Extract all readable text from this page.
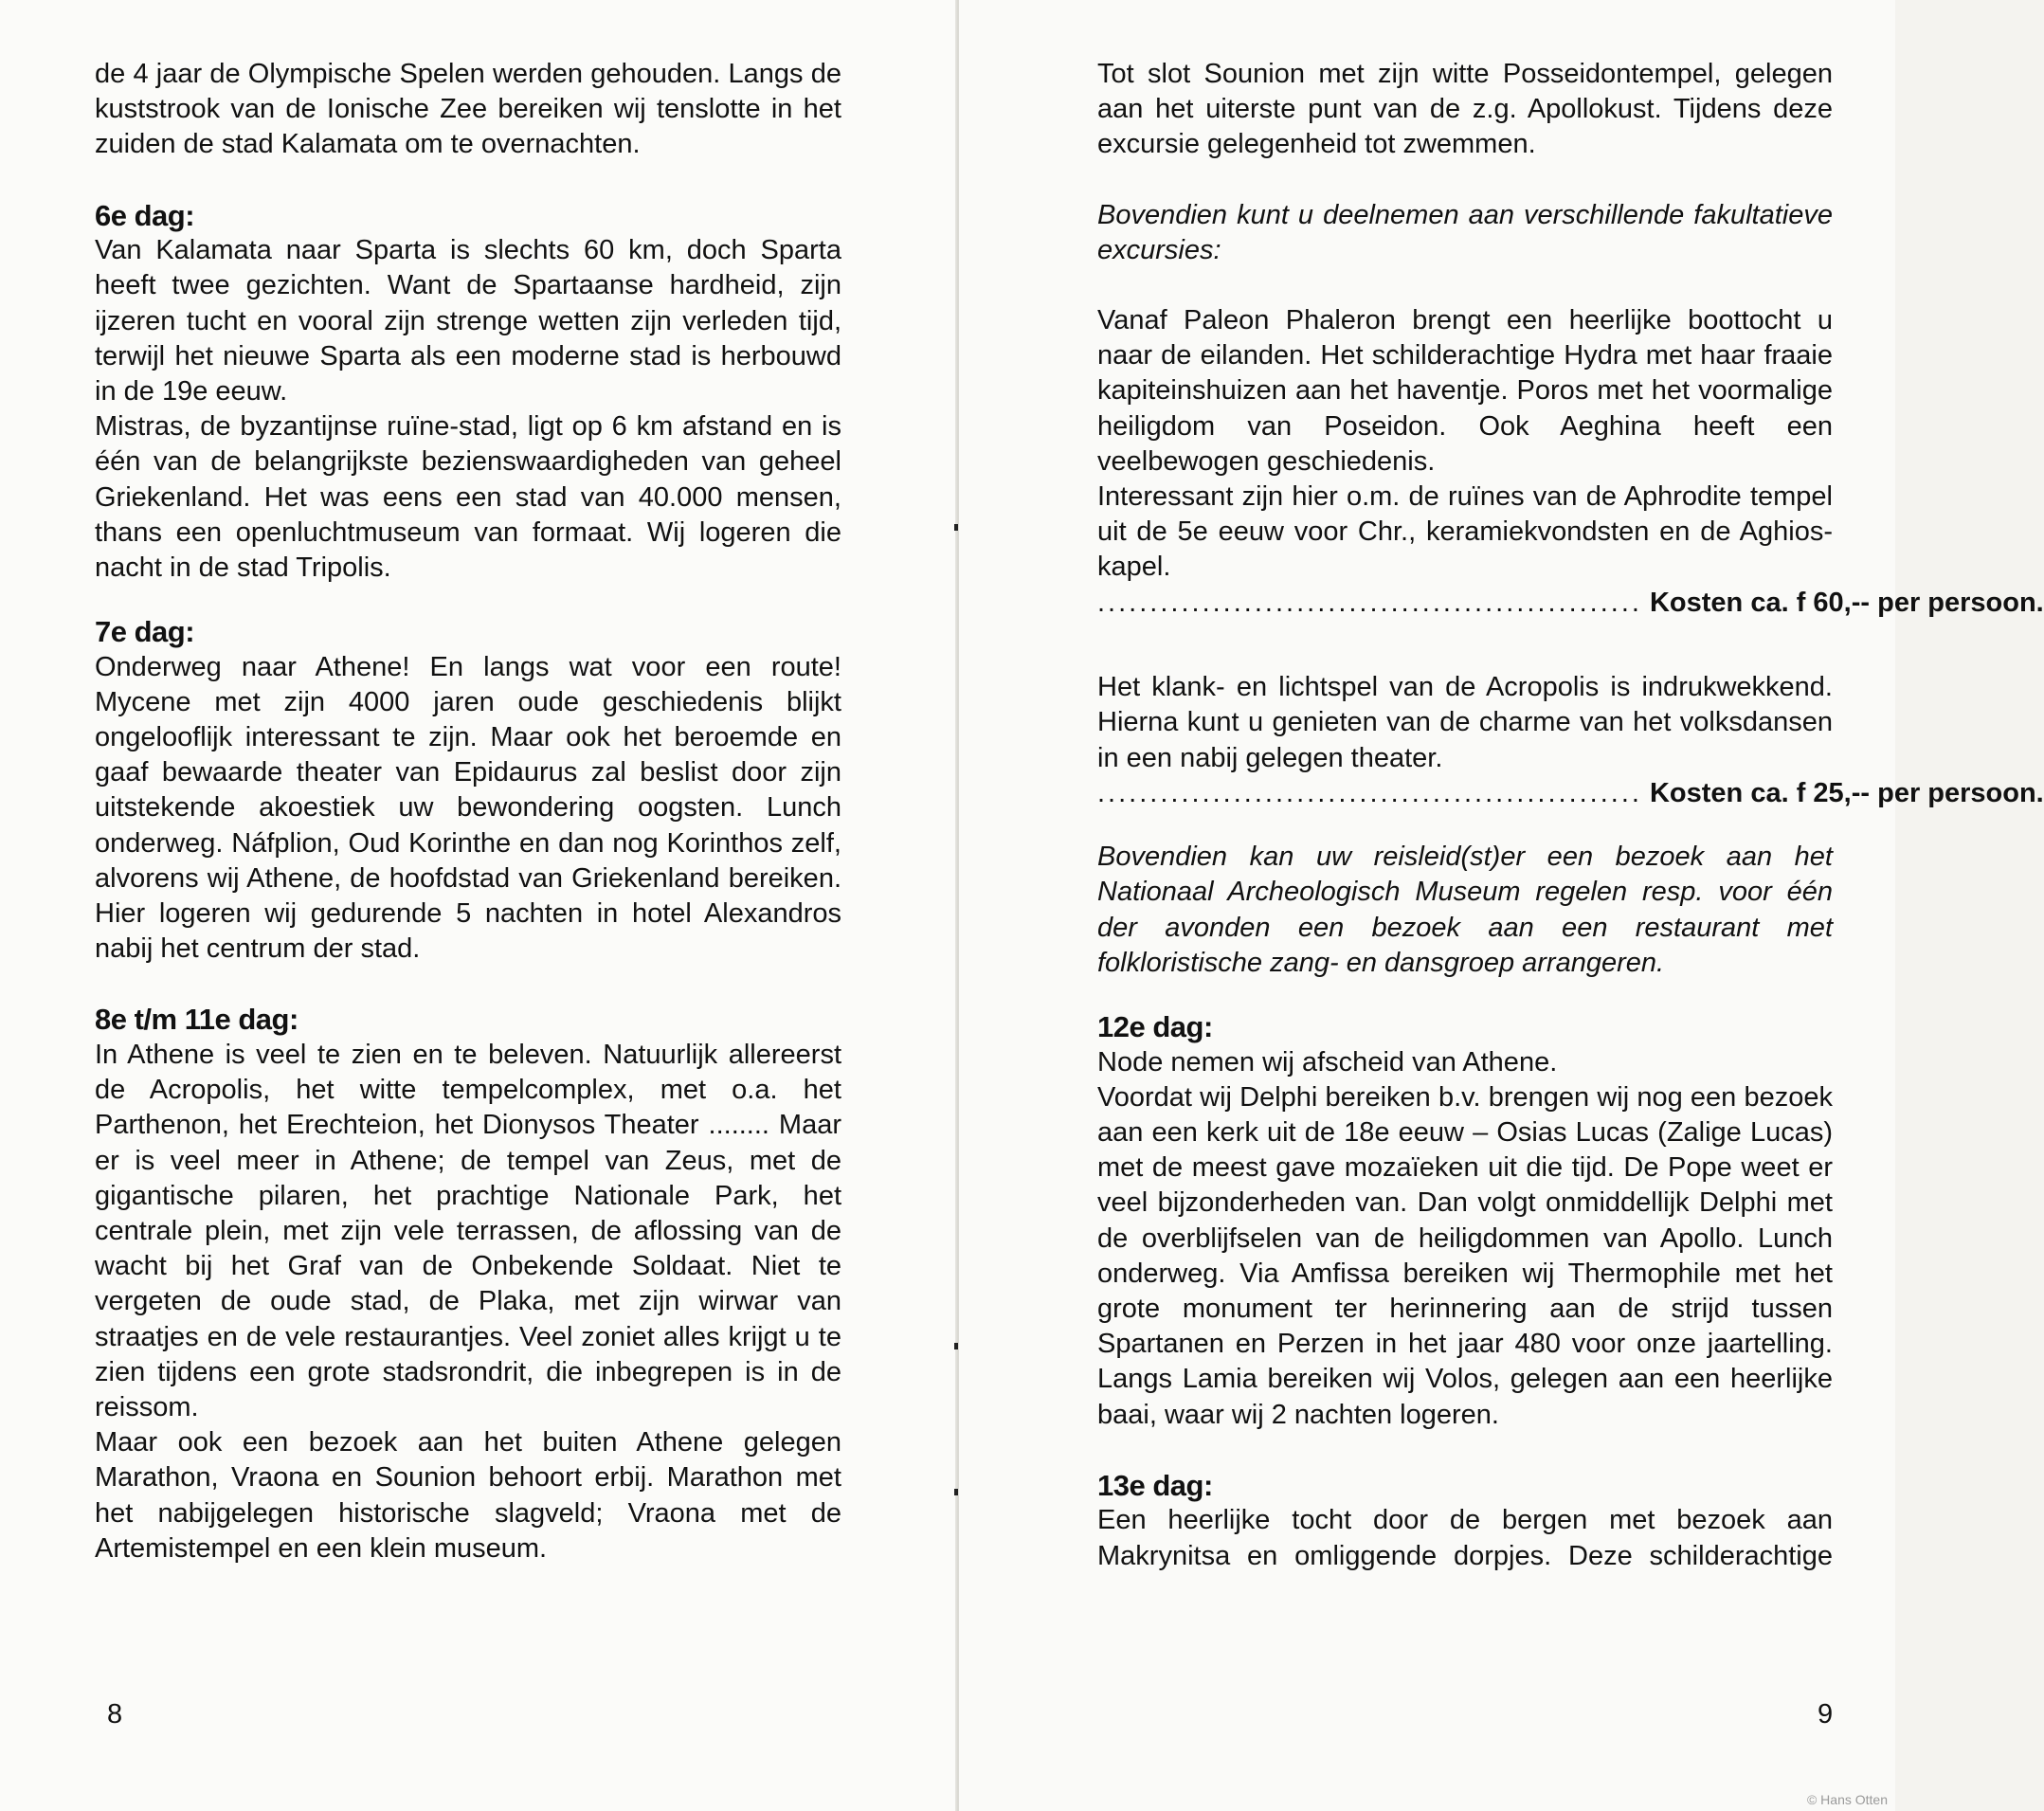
de 4 jaar de Olympische Spelen werden gehouden. Langs de kuststrook van de Ionische Zee bereiken wij tenslotte in het zuiden de stad Kalamata om te overnachten.

6e dag:

Van Kalamata naar Sparta is slechts 60 km, doch Sparta heeft twee gezichten. Want de Spartaanse hardheid, zijn ijzeren tucht en vooral zijn strenge wetten zijn verleden tijd, terwijl het nieuwe Sparta als een moderne stad is herbouwd in de 19e eeuw.

Mistras, de byzantijnse ruïne-stad, ligt op 6 km afstand en is één van de belangrijkste bezienswaardigheden van geheel Griekenland. Het was eens een stad van 40.000 mensen, thans een openluchtmuseum van formaat. Wij logeren die nacht in de stad Tripolis.

7e dag:

Onderweg naar Athene! En langs wat voor een route! Mycene met zijn 4000 jaren oude geschiedenis blijkt ongelooflijk interessant te zijn. Maar ook het beroemde en gaaf bewaarde theater van Epidaurus zal beslist door zijn uitstekende akoestiek uw bewondering oogsten. Lunch onderweg. Náfplion, Oud Korinthe en dan nog Korinthos zelf, alvorens wij Athene, de hoofdstad van Griekenland bereiken. Hier logeren wij gedurende 5 nachten in hotel Alexandros nabij het centrum der stad.

8e t/m 11e dag:

In Athene is veel te zien en te beleven. Natuurlijk allereerst de Acropolis, het witte tempelcomplex, met o.a. het Parthenon, het Erechteion, het Dionysos Theater ........ Maar er is veel meer in Athene; de tempel van Zeus, met de gigantische pilaren, het prachtige Nationale Park, het centrale plein, met zijn vele terrassen, de aflossing van de wacht bij het Graf van de Onbekende Soldaat. Niet te vergeten de oude stad, de Plaka, met zijn wirwar van straatjes en de vele restaurantjes. Veel zoniet alles krijgt u te zien tijdens een grote stadsrondrit, die inbegrepen is in de reissom.

Maar ook een bezoek aan het buiten Athene gelegen Marathon, Vraona en Sounion behoort erbij. Marathon met het nabijgelegen historische slagveld; Vraona met de Artemistempel en een klein museum.

8

Tot slot Sounion met zijn witte Posseidontempel, gelegen aan het uiterste punt van de z.g. Apollokust. Tijdens deze excursie gelegenheid tot zwemmen.

Bovendien kunt u deelnemen aan verschillende fakultatieve excursies:

Vanaf Paleon Phaleron brengt een heerlijke boottocht u naar de eilanden. Het schilderachtige Hydra met haar fraaie kapiteinshuizen aan het haventje. Poros met het voormalige heiligdom van Poseidon. Ook Aeghina heeft een veelbewogen geschiedenis.

Interessant zijn hier o.m. de ruïnes van de Aphrodite tempel uit de 5e eeuw voor Chr., keramiekvondsten en de Aghios-kapel.

.................................................... Kosten ca. f 60,-- per persoon.

Het klank- en lichtspel van de Acropolis is indrukwekkend. Hierna kunt u genieten van de charme van het volksdansen in een nabij gelegen theater.

.................................................... Kosten ca. f 25,-- per persoon.

Bovendien kan uw reisleid(st)er een bezoek aan het Nationaal Archeologisch Museum regelen resp. voor één der avonden een bezoek aan een restaurant met folkloristische zang- en dansgroep arrangeren.

12e dag:

Node nemen wij afscheid van Athene.

Voordat wij Delphi bereiken b.v. brengen wij nog een bezoek aan een kerk uit de 18e eeuw – Osias Lucas (Zalige Lucas) met de meest gave mozaïeken uit die tijd. De Pope weet er veel bijzonderheden van. Dan volgt onmiddellijk Delphi met de overblijfselen van de heiligdommen van Apollo. Lunch onderweg. Via Amfissa bereiken wij Thermophile met het grote monument ter herinnering aan de strijd tussen Spartanen en Perzen in het jaar 480 voor onze jaartelling. Langs Lamia bereiken wij Volos, gelegen aan een heerlijke baai, waar wij 2 nachten logeren.

13e dag:

Een heerlijke tocht door de bergen met bezoek aan Makrynitsa en omliggende dorpjes. Deze schilderachtige

9
© Hans Otten
